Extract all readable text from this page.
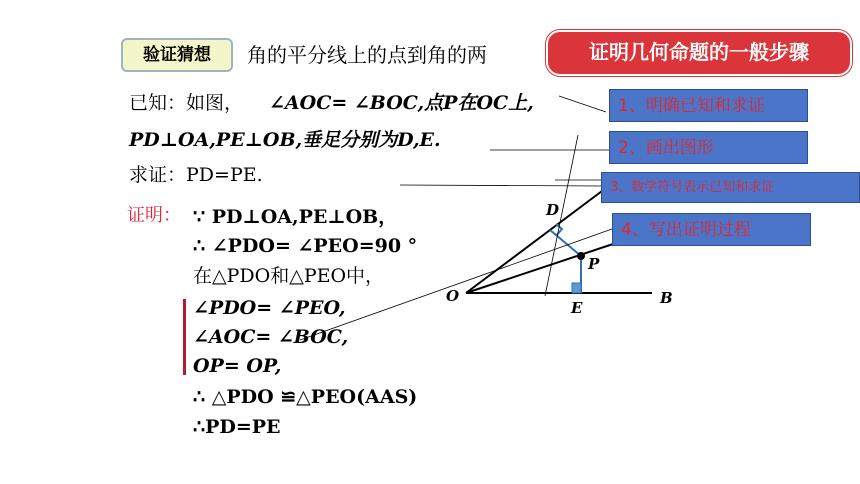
验证猜想	角的平分线上的点到角的两	证明几何命题的一般步骤
O	B
E
P
D
已知：如图， ∠AOC= ∠BOC,点P在OC上,
PD⊥OA,PE⊥OB,垂足分别为D,E.
求证：PD=PE.
证明： ∵ PD⊥OA,PE⊥OB，
∴ ∠PDO= ∠PEO=90 °
在△PDO和△PEO中，
∠PDO= ∠PEO,
∠AOC= ∠BOC,
OP= OP,
∴ △PDO ≌△PEO(AAS)
∴PD=PE
1、明确已知和求证
2、画出图形
3、数学符号表示已知和求证
4、写出证明过程
